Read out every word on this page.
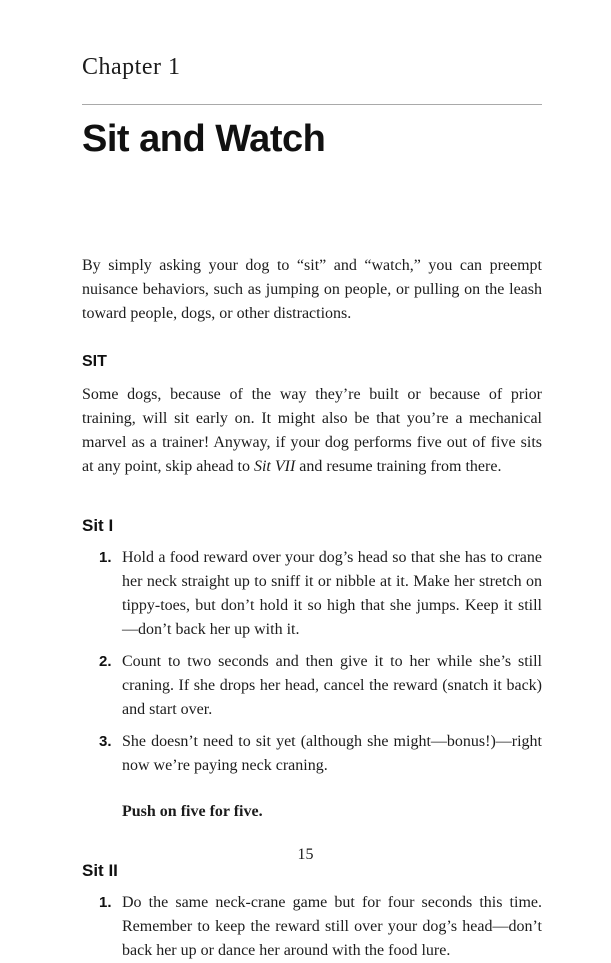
Chapter 1
Sit and Watch

By simply asking your dog to “sit” and “watch,” you can preempt nuisance behaviors, such as jumping on people, or pulling on the leash toward people, dogs, or other distractions.

SIT

Some dogs, because of the way they’re built or because of prior training, will sit early on. It might also be that you’re a mechanical marvel as a trainer! Anyway, if your dog performs five out of five sits at any point, skip ahead to Sit VII and resume training from there.

Sit I
1. Hold a food reward over your dog’s head so that she has to crane her neck straight up to sniff it or nibble at it. Make her stretch on tippy-toes, but don’t hold it so high that she jumps. Keep it still—don’t back her up with it.
2. Count to two seconds and then give it to her while she’s still craning. If she drops her head, cancel the reward (snatch it back) and start over.
3. She doesn’t need to sit yet (although she might—bonus!)—right now we’re paying neck craning.
Push on five for five.
Sit II
1. Do the same neck-crane game but for four seconds this time. Remember to keep the reward still over your dog’s head—don’t back her up or dance her around with the food lure.
15
